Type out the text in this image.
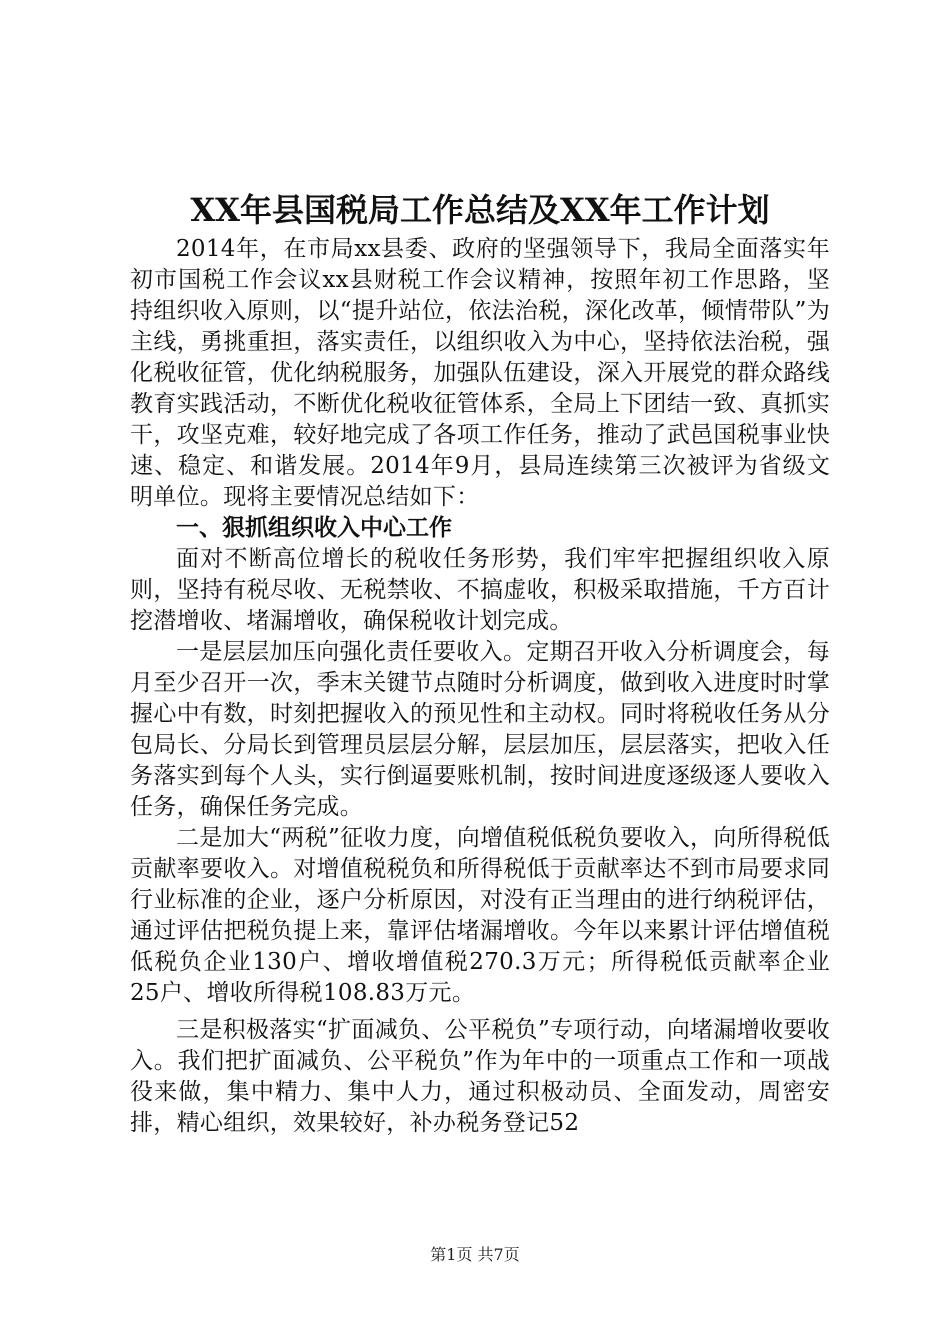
XX年县国税局工作总结及XX年工作计划

2014年，在市局xx县委、政府的坚强领导下，我局全面落实年初市国税工作会议xx县财税工作会议精神，按照年初工作思路，坚持组织收入原则，以“提升站位，依法治税，深化改革，倾情带队”为主线，勇挑重担，落实责任，以组织收入为中心，坚持依法治税，强化税收征管，优化纳税服务，加强队伍建设，深入开展党的群众路线教育实践活动，不断优化税收征管体系，全局上下团结一致、真抓实干，攻坚克难，较好地完成了各项工作任务，推动了武邑国税事业快速、稳定、和谐发展。2014年9月，县局连续第三次被评为省级文明单位。现将主要情况总结如下：

一、狠抓组织收入中心工作

面对不断高位增长的税收任务形势，我们牢牢把握组织收入原则，坚持有税尽收、无税禁收、不搞虚收，积极采取措施，千方百计挖潜增收、堵漏增收，确保税收计划完成。

一是层层加压向强化责任要收入。定期召开收入分析调度会，每月至少召开一次，季末关键节点随时分析调度，做到收入进度时时掌握心中有数，时刻把握收入的预见性和主动权。同时将税收任务从分包局长、分局长到管理员层层分解，层层加压，层层落实，把收入任务落实到每个人头，实行倒逼要账机制，按时间进度逐级逐人要收入任务，确保任务完成。

二是加大“两税”征收力度，向增值税低税负要收入，向所得税低贡献率要收入。对增值税税负和所得税低于贡献率达不到市局要求同行业标准的企业，逐户分析原因，对没有正当理由的进行纳税评估，通过评估把税负提上来，靠评估堵漏增收。今年以来累计评估增值税低税负企业130户、增收增值税270.3万元；所得税低贡献率企业25户、增收所得税108.83万元。

三是积极落实“扩面减负、公平税负”专项行动，向堵漏增收要收入。我们把扩面减负、公平税负”作为年中的一项重点工作和一项战役来做，集中精力、集中人力，通过积极动员、全面发动，周密安排，精心组织，效果较好，补办税务登记52

第1页 共7页
